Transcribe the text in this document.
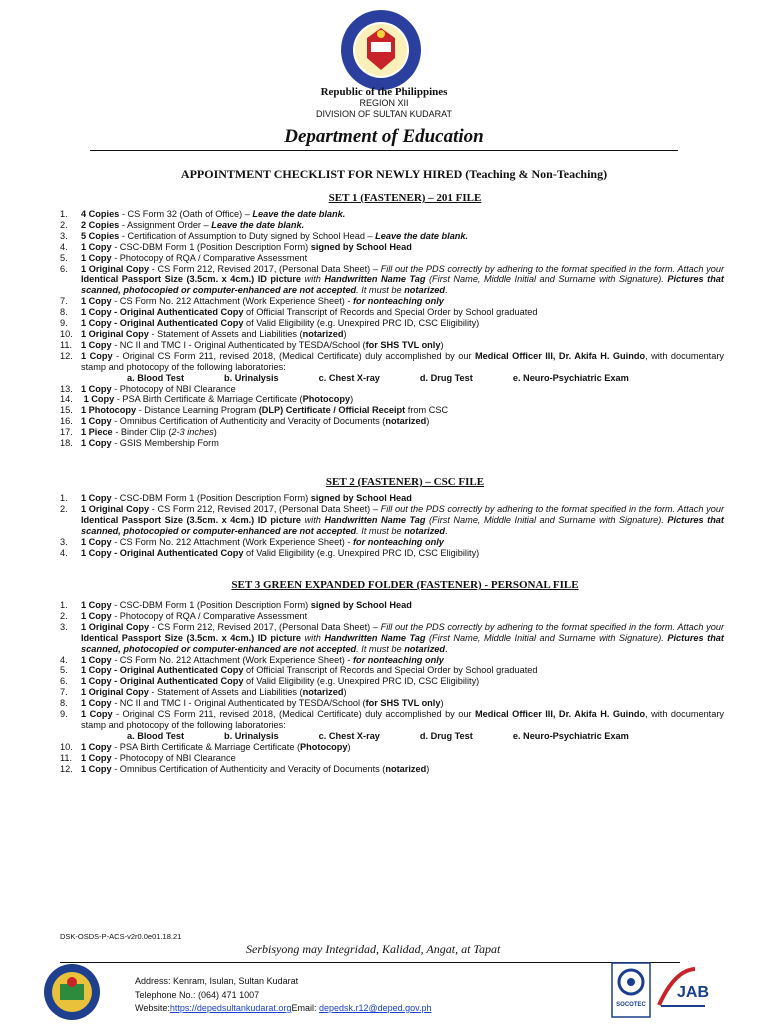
Republic of the Philippines
REGION XII
DIVISION OF SULTAN KUDARAT
Department of Education
APPOINTMENT CHECKLIST FOR NEWLY HIRED (Teaching & Non-Teaching)
SET 1 (FASTENER) – 201 FILE
1.	4 Copies - CS Form 32 (Oath of Office) – Leave the date blank.
2.	2 Copies - Assignment Order – Leave the date blank.
3.	5 Copies - Certification of Assumption to Duty signed by School Head – Leave the date blank.
4.	1 Copy - CSC-DBM Form 1 (Position Description Form) signed by School Head
5.	1 Copy - Photocopy of RQA / Comparative Assessment
6.	1 Original Copy - CS Form 212, Revised 2017, (Personal Data Sheet) – Fill out the PDS correctly by adhering to the format specified in the form. Attach your Identical Passport Size (3.5cm. x 4cm.) ID picture with Handwritten Name Tag (First Name, Middle Initial and Surname with Signature). Pictures that scanned, photocopied or computer-enhanced are not accepted. It must be notarized.
7.	1 Copy - CS Form No. 212 Attachment (Work Experience Sheet) - for nonteaching only
8.	1 Copy - Original Authenticated Copy of Official Transcript of Records and Special Order by School graduated
9.	1 Copy - Original Authenticated Copy of Valid Eligibility (e.g. Unexpired PRC ID, CSC Eligibility)
10. 1 Original Copy - Statement of Assets and Liabilities (notarized)
11. 1 Copy - NC II and TMC I - Original Authenticated by TESDA/School (for SHS TVL only)
12. 1 Copy - Original CS Form 211, revised 2018, (Medical Certificate) duly accomplished by our Medical Officer III, Dr. Akifa H. Guindo, with documentary stamp and photocopy of the following laboratories:
a. Blood Test	b. Urinalysis	c. Chest X-ray	d. Drug Test	e. Neuro-Psychiatric Exam
13. 1 Copy - Photocopy of NBI Clearance
14.	1 Copy - PSA Birth Certificate & Marriage Certificate (Photocopy)
15. 1 Photocopy - Distance Learning Program (DLP) Certificate / Official Receipt from CSC
16. 1 Copy - Omnibus Certification of Authenticity and Veracity of Documents (notarized)
17. 1 Piece - Binder Clip (2-3 inches)
18. 1 Copy - GSIS Membership Form
SET 2 (FASTENER) – CSC FILE
1.	1 Copy - CSC-DBM Form 1 (Position Description Form) signed by School Head
2.	1 Original Copy - CS Form 212, Revised 2017, (Personal Data Sheet) – Fill out the PDS correctly by adhering to the format specified in the form. Attach your Identical Passport Size (3.5cm. x 4cm.) ID picture with Handwritten Name Tag (First Name, Middle Initial and Surname with Signature). Pictures that scanned, photocopied or computer-enhanced are not accepted. It must be notarized.
3.	1 Copy - CS Form No. 212 Attachment (Work Experience Sheet) - for nonteaching only
4.	1 Copy - Original Authenticated Copy of Valid Eligibility (e.g. Unexpired PRC ID, CSC Eligibility)
SET 3 GREEN EXPANDED FOLDER (FASTENER) - PERSONAL FILE
1.	1 Copy - CSC-DBM Form 1 (Position Description Form) signed by School Head
2.	1 Copy - Photocopy of RQA / Comparative Assessment
3.	1 Original Copy - CS Form 212, Revised 2017, (Personal Data Sheet) – Fill out the PDS correctly by adhering to the format specified in the form. Attach your Identical Passport Size (3.5cm. x 4cm.) ID picture with Handwritten Name Tag (First Name, Middle Initial and Surname with Signature). Pictures that scanned, photocopied or computer-enhanced are not accepted. It must be notarized.
4.	1 Copy - CS Form No. 212 Attachment (Work Experience Sheet) - for nonteaching only
5.	1 Copy - Original Authenticated Copy of Official Transcript of Records and Special Order by School graduated
6.	1 Copy - Original Authenticated Copy of Valid Eligibility (e.g. Unexpired PRC ID, CSC Eligibility)
7.	1 Original Copy - Statement of Assets and Liabilities (notarized)
8.	1 Copy - NC II and TMC I - Original Authenticated by TESDA/School (for SHS TVL only)
9.	1 Copy - Original CS Form 211, revised 2018, (Medical Certificate) duly accomplished by our Medical Officer III, Dr. Akifa H. Guindo, with documentary stamp and photocopy of the following laboratories:
a. Blood Test	b. Urinalysis	c. Chest X-ray	d. Drug Test	e. Neuro-Psychiatric Exam
10. 1 Copy - PSA Birth Certificate & Marriage Certificate (Photocopy)
11. 1 Copy - Photocopy of NBI Clearance
12. 1 Copy - Omnibus Certification of Authenticity and Veracity of Documents (notarized)
DSK-OSDS-P-ACS-v2r0.0e01.18.21
Serbisyong may Integridad, Kalidad, Angat, at Tapat
Address: Kenram, Isulan, Sultan Kudarat
Telephone No.: (064) 471 1007
Website:https://depedsultankudarat.orgEmail: depedsk.r12@deped.gov.ph	SOCOTEC
JAB
